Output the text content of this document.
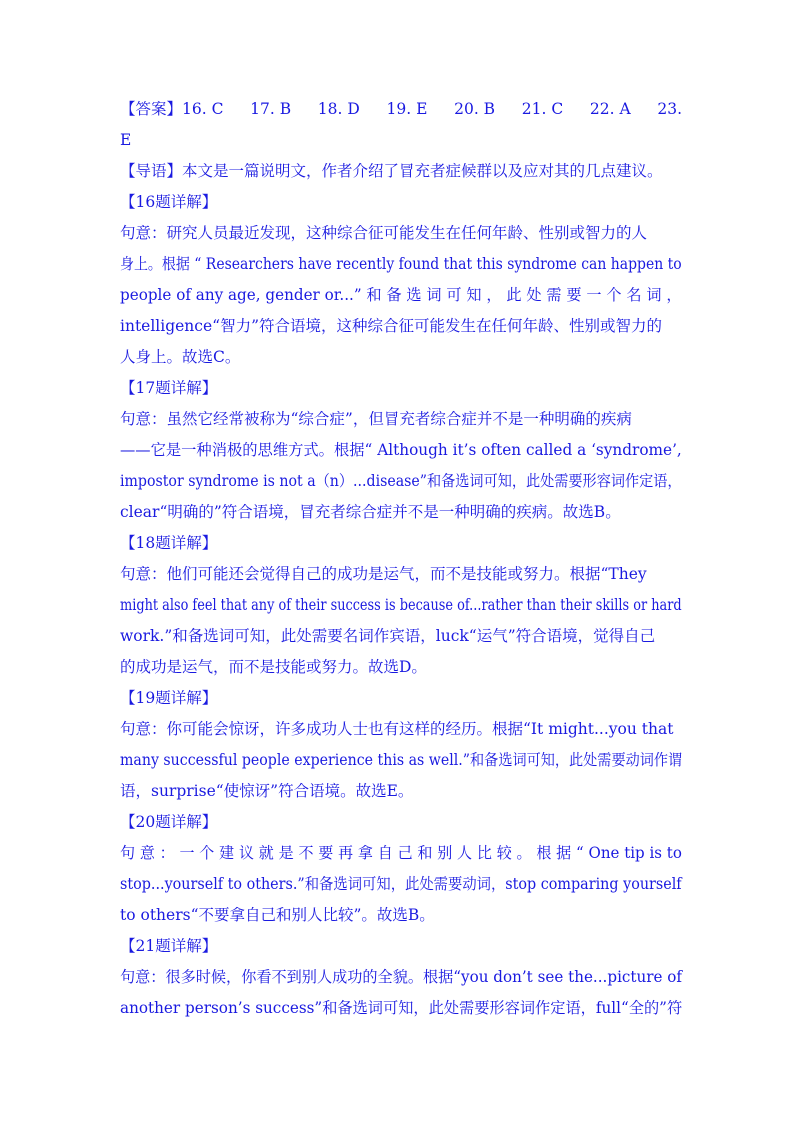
【答案】16. C 17. B 18. D 19. E 20. B 21. C 22. A 23.
E
【导语】本文是一篇说明文，作者介绍了冒充者症候群以及应对其的几点建议。
【16题详解】
句意：研究人员最近发现，这种综合征可能发生在任何年龄、性别或智力的人
身上。根据 “ Researchers have recently found that this syndrome can happen to
people of any age, gender or...” 和 备 选 词 可 知 ， 此 处 需 要 一 个 名 词 ，
intelligence“智力”符合语境，这种综合征可能发生在任何年龄、性别或智力的
人身上。故选C。
【17题详解】
句意：虽然它经常被称为“综合症”，但冒充者综合症并不是一种明确的疾病
——它是一种消极的思维方式。根据“ Although it’s often called a ‘syndrome’,
impostor syndrome is not a（n）...disease”和备选词可知，此处需要形容词作定语，
clear“明确的”符合语境，冒充者综合症并不是一种明确的疾病。故选B。
【18题详解】
句意：他们可能还会觉得自己的成功是运气，而不是技能或努力。根据“They
might also feel that any of their success is because of...rather than their skills or hard
work.”和备选词可知，此处需要名词作宾语，luck“运气”符合语境，觉得自己
的成功是运气，而不是技能或努力。故选D。
【19题详解】
句意：你可能会惊讶，许多成功人士也有这样的经历。根据“It might...you that
many successful people experience this as well.”和备选词可知，此处需要动词作谓
语，surprise“使惊讶”符合语境。故选E。
【20题详解】
句 意 ： 一 个 建 议 就 是 不 要 再 拿 自 己 和 别 人 比 较 。 根 据 “ One tip is to
stop...yourself to others.”和备选词可知，此处需要动词，stop comparing yourself
to others“不要拿自己和别人比较”。故选B。
【21题详解】
句意：很多时候，你看不到别人成功的全貌。根据“you don’t see the...picture of
another person’s success”和备选词可知，此处需要形容词作定语，full“全的”符
